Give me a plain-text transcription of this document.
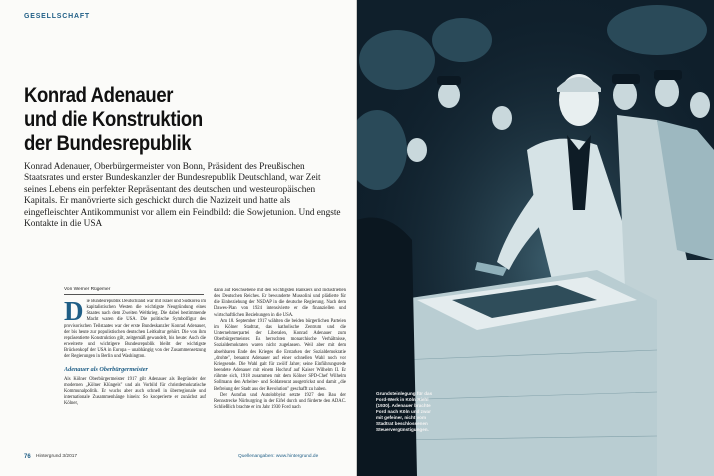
GESELLSCHAFT
Konrad Adenauer
und die Konstruktion
der Bundesrepublik
Konrad Adenauer, Oberbürgermeister von Bonn, Präsident des Preußischen Staatsrates und erster Bundeskanzler der Bundesrepublik Deutschland, war Zeit seines Lebens ein perfekter Repräsentant des deutschen und westeuropäischen Kapitals. Er manövrierte sich geschickt durch die Nazizeit und hatte als eingefleischter Antikommunist vor allem ein Feindbild: die Sowjetunion. Und engste Kontakte in die USA
Von Werner Rügemer
D ie Bundesrepublik Deutschland war mit Israel und Südkorea im kapitalistischen Westen die wichtigste Neugründung eines Staates nach dem Zweiten Weltkrieg. Die dabei bestimmende Macht waren die USA. Die politische Symbolfigur des provisorischen Teilstaates war der erste Bundeskanzler Konrad Adenauer, der bis heute zur populistischen deutschen Leitkultur gehört. Die von ihm repräsentierte Konstruktion gilt, zeitgemäß gewandelt, bis heute: Auch die erweiterte und wichtigere Bundesrepublik bleibt der wichtigste Brückenkopf der USA in Europa – unabhängig von der Zusammensetzung der Regierungen in Berlin und Washington.
Adenauer als Oberbürgermeister
Als Kölner Oberbürgermeister 1917 gilt Adenauer als Begründer der modernen „Kölner Klüngels" und als Vorbild für christdemokratische Kommunalpolitik. Er wuchs aber auch schnell in überregionale und internationale Zusammenhänge hinein: So kooperierte er zunächst auf Kölner,
dann auf Reichsebene mit den wichtigsten Bankiers und Industriellen des Deutschen Reiches. Er bewunderte Mussolini und plädierte für die Einbeziehung der NSDAP in die deutsche Regierung. Nach dem Dawes-Plan von 1924 intensivierte er die finanziellen und wirtschaftlichen Beziehungen in die USA.
Am 18. September 1917 wählten die beiden bürgerlichen Parteien im Kölner Stadtrat, das katholische Zentrum und die Unternehmerpartei der Liberalen, Konrad Adenauer zum Oberbürgermeister. Es herrschten monarchische Verhältnisse, Sozialdemokraten waren nicht zugelassen. Weil aber mit dem absehbaren Ende des Krieges die Erstarken der Sozialdemokratie „drohte", benannt Adenauer auf einer schnellen Wahl noch vor Kriegsende. Die Wahl galt für zwölf Jahre; seine Einführungsrede beendete Adenauer mit einem Hochruf auf Kaiser Wilhelm II. Er rühmte sich, 1918 zusammen mit dem Kölner SPD-Chef Wilhelm Sollmann den Arbeiter- und Soldatenrat ausgetrickst und damit „die Befreiung der Stadt aus der Revolution" geschafft zu haben.
Der Autofan und Autolobbyist setzte 1927 den Bau der Rennstrecke Nürburgring in der Eifel durch und förderte den ADAC. Schließlich brachte er im Jahr 1930 Ford nach
76 Hintergrund 3/2017	Quellenangaben: www.hintergrund.de
Grundsteinlegung für das Ford-Werk in Köln-Riehl (1930). Adenauer brachte Ford nach Köln und zwar mit gefeiner, nicht vom Stadtrat beschlossenen Steuervergünstigungen.
